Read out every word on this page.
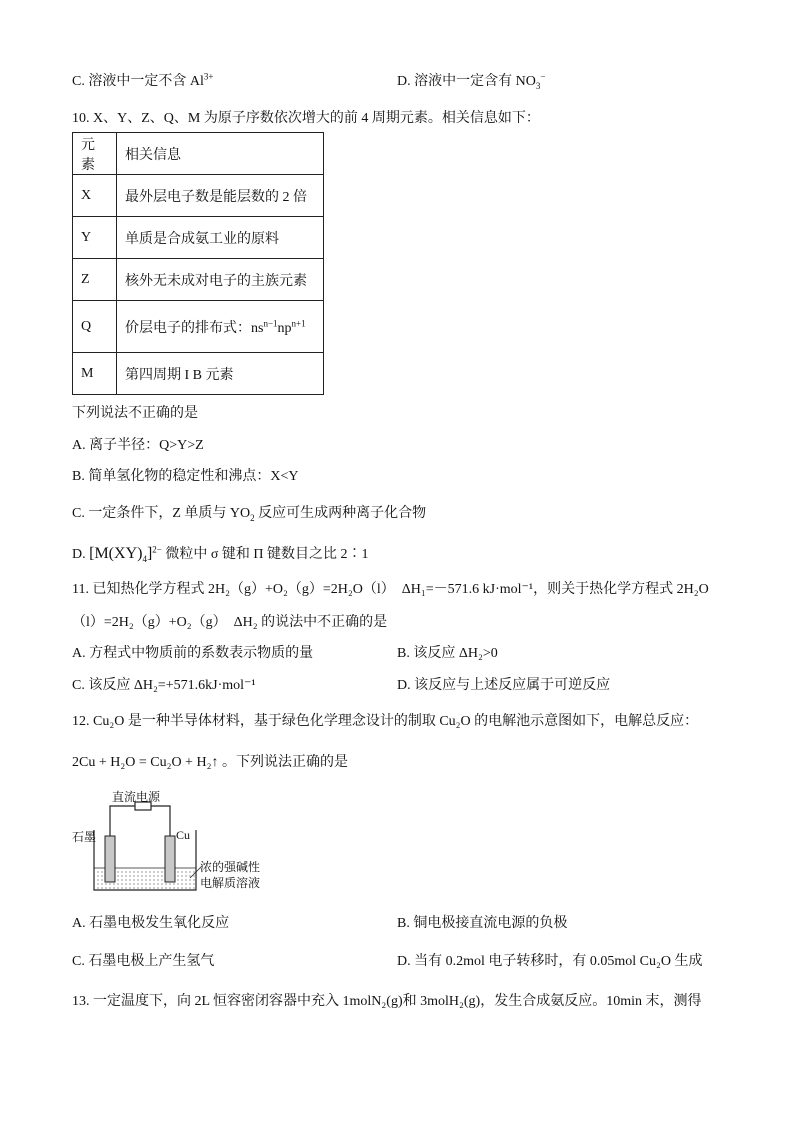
C. 溶液中一定不含 $Al^{3+}$	D. 溶液中一定含有 $NO_3^-$
10. X、Y、Z、Q、M 为原子序数依次增大的前 4 周期元素。相关信息如下：
元素	相关信息
X	最外层电子数是能层数的 2 倍
Y	单质是合成氨工业的原料
Z	核外无未成对电子的主族元素
Q	价层电子的排布式：$ns^{n-1}np^{n+1}$
M	第四周期 I B 元素
下列说法不正确的是
A. 离子半径：Q>Y>Z
B. 简单氢化物的稳定性和沸点：X<Y
C. 一定条件下，Z 单质与 $YO_2$ 反应可生成两种离子化合物
D. $[M(XY)_4]^{2-}$ 微粒中 σ 键和 Π 键数目之比 2∶1
11. 已知热化学方程式 2H₂（g）+O₂（g）=2H₂O（l）　ΔH₁=－571.6 kJ·mol⁻¹，则关于热化学方程式 2H₂O
（l）=2H₂（g）+O₂（g）　ΔH₂ 的说法中不正确的是
A. 方程式中物质前的系数表示物质的量	B. 该反应 ΔH₂>0
C. 该反应 ΔH₂=+571.6kJ·mol⁻¹	D. 该反应与上述反应属于可逆反应
12. Cu₂O 是一种半导体材料，基于绿色化学理念设计的制取 Cu₂O 的电解池示意图如下，电解总反应：
2Cu + H₂O = Cu₂O + H₂↑ 。下列说法正确的是
直流电源
石墨	Cu
浓的强碱性
电解质溶液
A. 石墨电极发生氧化反应	B. 铜电极接直流电源的负极
C. 石墨电极上产生氢气	D. 当有 0.2mol 电子转移时，有 0.05mol Cu₂O 生成
13. 一定温度下，向 2L 恒容密闭容器中充入 1molN₂(g)和 3molH₂(g)，发生合成氨反应。10min 末，测得
